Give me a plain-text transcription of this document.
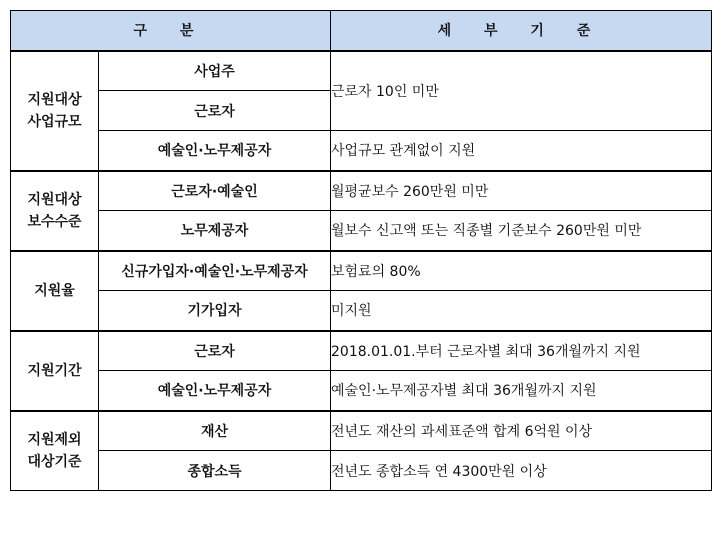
구 분		세 부 기 준

지원대상
사업규모	사업주	근로자 10인 미만
	근로자	
	예술인·노무제공자	사업규모 관계없이 지원

지원대상
보수수준	근로자·예술인	월평균보수 260만원 미만
	노무제공자	월보수 신고액 또는 직종별 기준보수 260만원 미만

지원율	신규가입자·예술인·노무제공자	보험료의 80%
	기가입자	미지원

지원기간	근로자	2018.01.01.부터 근로자별 최대 36개월까지 지원
	예술인·노무제공자	예술인·노무제공자별 최대 36개월까지 지원

지원제외
대상기준	재산	전년도 재산의 과세표준액 합계 6억원 이상
	종합소득	전년도 종합소득 연 4300만원 이상
